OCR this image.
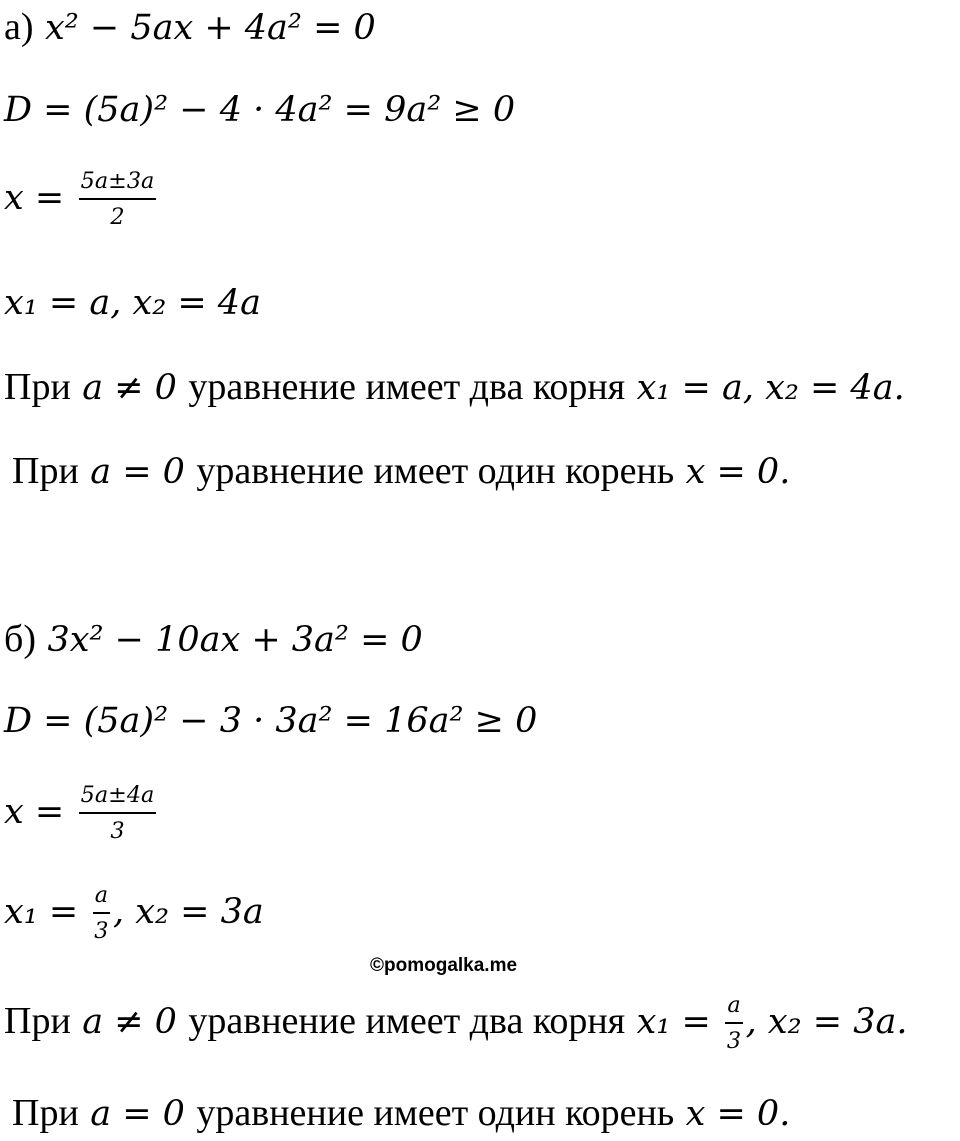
а) x² − 5ax + 4a² = 0
D = (5a)² − 4 · 4a² = 9a² ≥ 0
$x = \frac{5a\pm 3a}{2}$
x₁ = a, x₂ = 4a
При a ≠ 0 уравнение имеет два корня x₁ = a, x₂ = 4a.
При a = 0 уравнение имеет один корень x = 0.
б) 3x² − 10ax + 3a² = 0
D = (5a)² − 3 · 3a² = 16a² ≥ 0
$x = \frac{5a\pm 4a}{3}$
$x_1 = \frac{a}{3}$ , x₂ = 3a
©pomogalka.me
При a ≠ 0 уравнение имеет два корня $x_1 = \frac{a}{3}$ , x₂ = 3a.
При a = 0 уравнение имеет один корень x = 0.
